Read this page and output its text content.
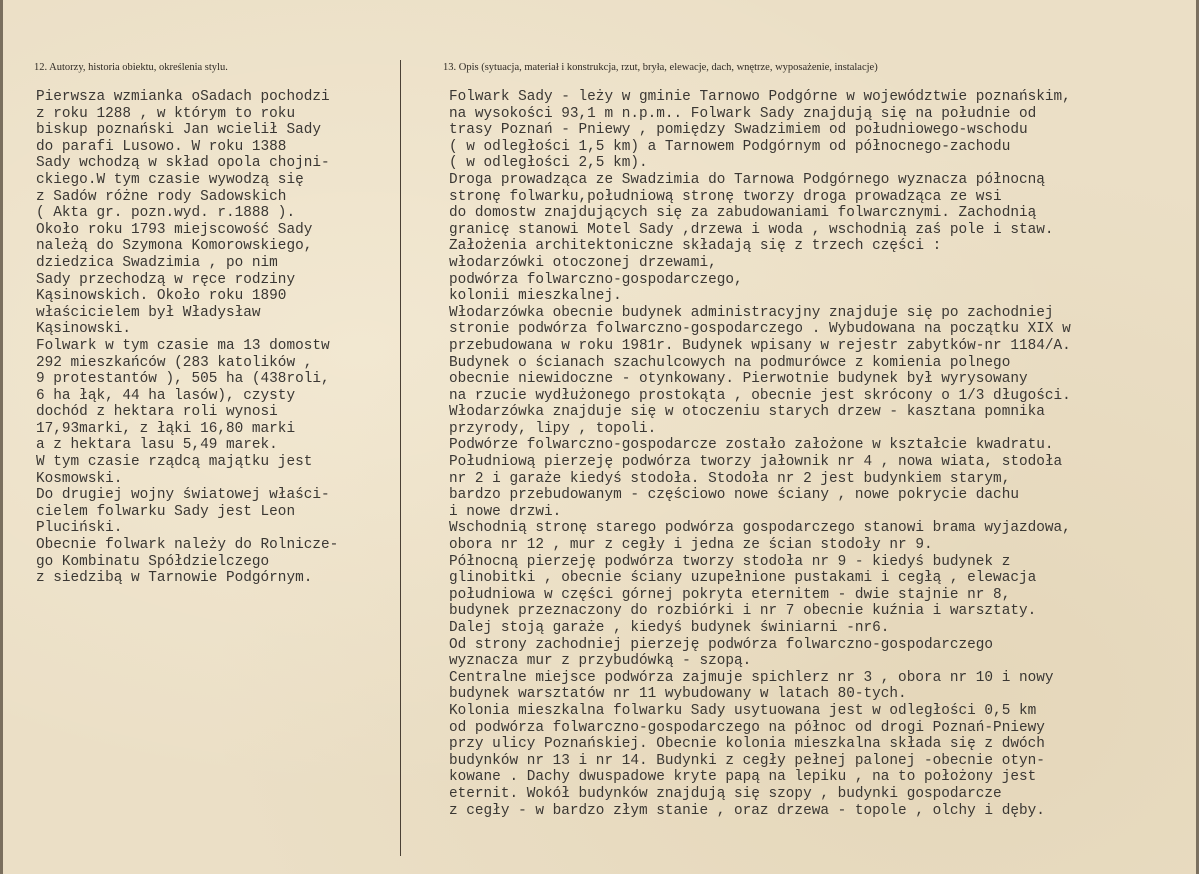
12. Autorzy, historia obiektu, określenia stylu.	13. Opis (sytuacja, materiał i konstrukcja, rzut, bryła, elewacje, dach, wnętrze, wyposażenie, instalacje)
Pierwsza wzmianka oSadach pochodzi
z roku 1288 , w którym to roku
biskup poznański Jan wcielił Sady
do parafi Lusowo. W roku 1388
Sady wchodzą w skład opola chojni-
ckiego.W tym czasie wywodzą się
z Sadów różne rody Sadowskich
( Akta gr. pozn.wyd. r.1888 ).
Około roku 1793 miejscowość Sady
należą do Szymona Komorowskiego,
dziedzica Swadzimia , po nim
Sady przechodzą w ręce rodziny
Kąsinowskich. Około roku 1890
właścicielem był Władysław
Kąsinowski.
Folwark w tym czasie ma 13 domostw
292 mieszkańców (283 katolików ,
9 protestantów ), 505 ha (438roli,
6 ha łąk, 44 ha lasów), czysty
dochód z hektara roli wynosi
17,93marki, z łąki 16,80 marki
a z hektara lasu 5,49 marek.
W tym czasie rządcą majątku jest
Kosmowski.
Do drugiej wojny światowej właści-
cielem folwarku Sady jest Leon
Pluciński.
Obecnie folwark należy do Rolnicze-
go Kombinatu Spółdzielczego
z siedzibą w Tarnowie Podgórnym.
Folwark Sady - leży w gminie Tarnowo Podgórne w województwie poznańskim,
na wysokości 93,1 m n.p.m.. Folwark Sady znajdują się na południe od
trasy Poznań - Pniewy , pomiędzy Swadzimiem od południowego-wschodu
( w odległości 1,5 km) a Tarnowem Podgórnym od północnego-zachodu
( w odległości 2,5 km).
Droga prowadząca ze Swadzimia do Tarnowa Podgórnego wyznacza północną
stronę folwarku,południową stronę tworzy droga prowadząca ze wsi
do domostw znajdujących się za zabudowaniami folwarcznymi. Zachodnią
granicę stanowi Motel Sady ,drzewa i woda , wschodnią zaś pole i staw.
Założenia architektoniczne składają się z trzech części :
włodarzówki otoczonej drzewami,
podwórza folwarczno-gospodarczego,
kolonii mieszkalnej.
Włodarzówka obecnie budynek administracyjny znajduje się po zachodniej
stronie podwórza folwarczno-gospodarczego . Wybudowana na początku XIX w
przebudowana w roku 1981r. Budynek wpisany w rejestr zabytków-nr 1184/A.
Budynek o ścianach szachulcowych na podmurówce z komienia polnego
obecnie niewidoczne - otynkowany. Pierwotnie budynek był wyrysowany
na rzucie wydłużonego prostokąta , obecnie jest skrócony o 1/3 długości.
Włodarzówka znajduje się w otoczeniu starych drzew - kasztana pomnika
przyrody, lipy , topoli.
Podwórze folwarczno-gospodarcze zostało założone w kształcie kwadratu.
Południową pierzeję podwórza tworzy jałownik nr 4 , nowa wiata, stodoła
nr 2 i garaże kiedyś stodoła. Stodoła nr 2 jest budynkiem starym,
bardzo przebudowanym - częściowo nowe ściany , nowe pokrycie dachu
i nowe drzwi.
Wschodnią stronę starego podwórza gospodarczego stanowi brama wyjazdowa,
obora nr 12 , mur z cegły i jedna ze ścian stodoły nr 9.
Północną pierzeję podwórza tworzy stodoła nr 9 - kiedyś budynek z
glinobitki , obecnie ściany uzupełnione pustakami i cegłą , elewacja
południowa w części górnej pokryta eternitem - dwie stajnie nr 8,
budynek przeznaczony do rozbiórki i nr 7 obecnie kuźnia i warsztaty.
Dalej stoją garaże , kiedyś budynek świniarni -nr6.
Od strony zachodniej pierzeję podwórza folwarczno-gospodarczego
wyznacza mur z przybudówką - szopą.
Centralne miejsce podwórza zajmuje spichlerz nr 3 , obora nr 10 i nowy
budynek warsztatów nr 11 wybudowany w latach 80-tych.
Kolonia mieszkalna folwarku Sady usytuowana jest w odległości 0,5 km
od podwórza folwarczno-gospodarczego na północ od drogi Poznań-Pniewy
przy ulicy Poznańskiej. Obecnie kolonia mieszkalna składa się z dwóch
budynków nr 13 i nr 14. Budynki z cegły pełnej palonej -obecnie otyn-
kowane . Dachy dwuspadowe kryte papą na lepiku , na to położony jest
eternit. Wokół budynków znajdują się szopy , budynki gospodarcze
z cegły - w bardzo złym stanie , oraz drzewa - topole , olchy i dęby.
